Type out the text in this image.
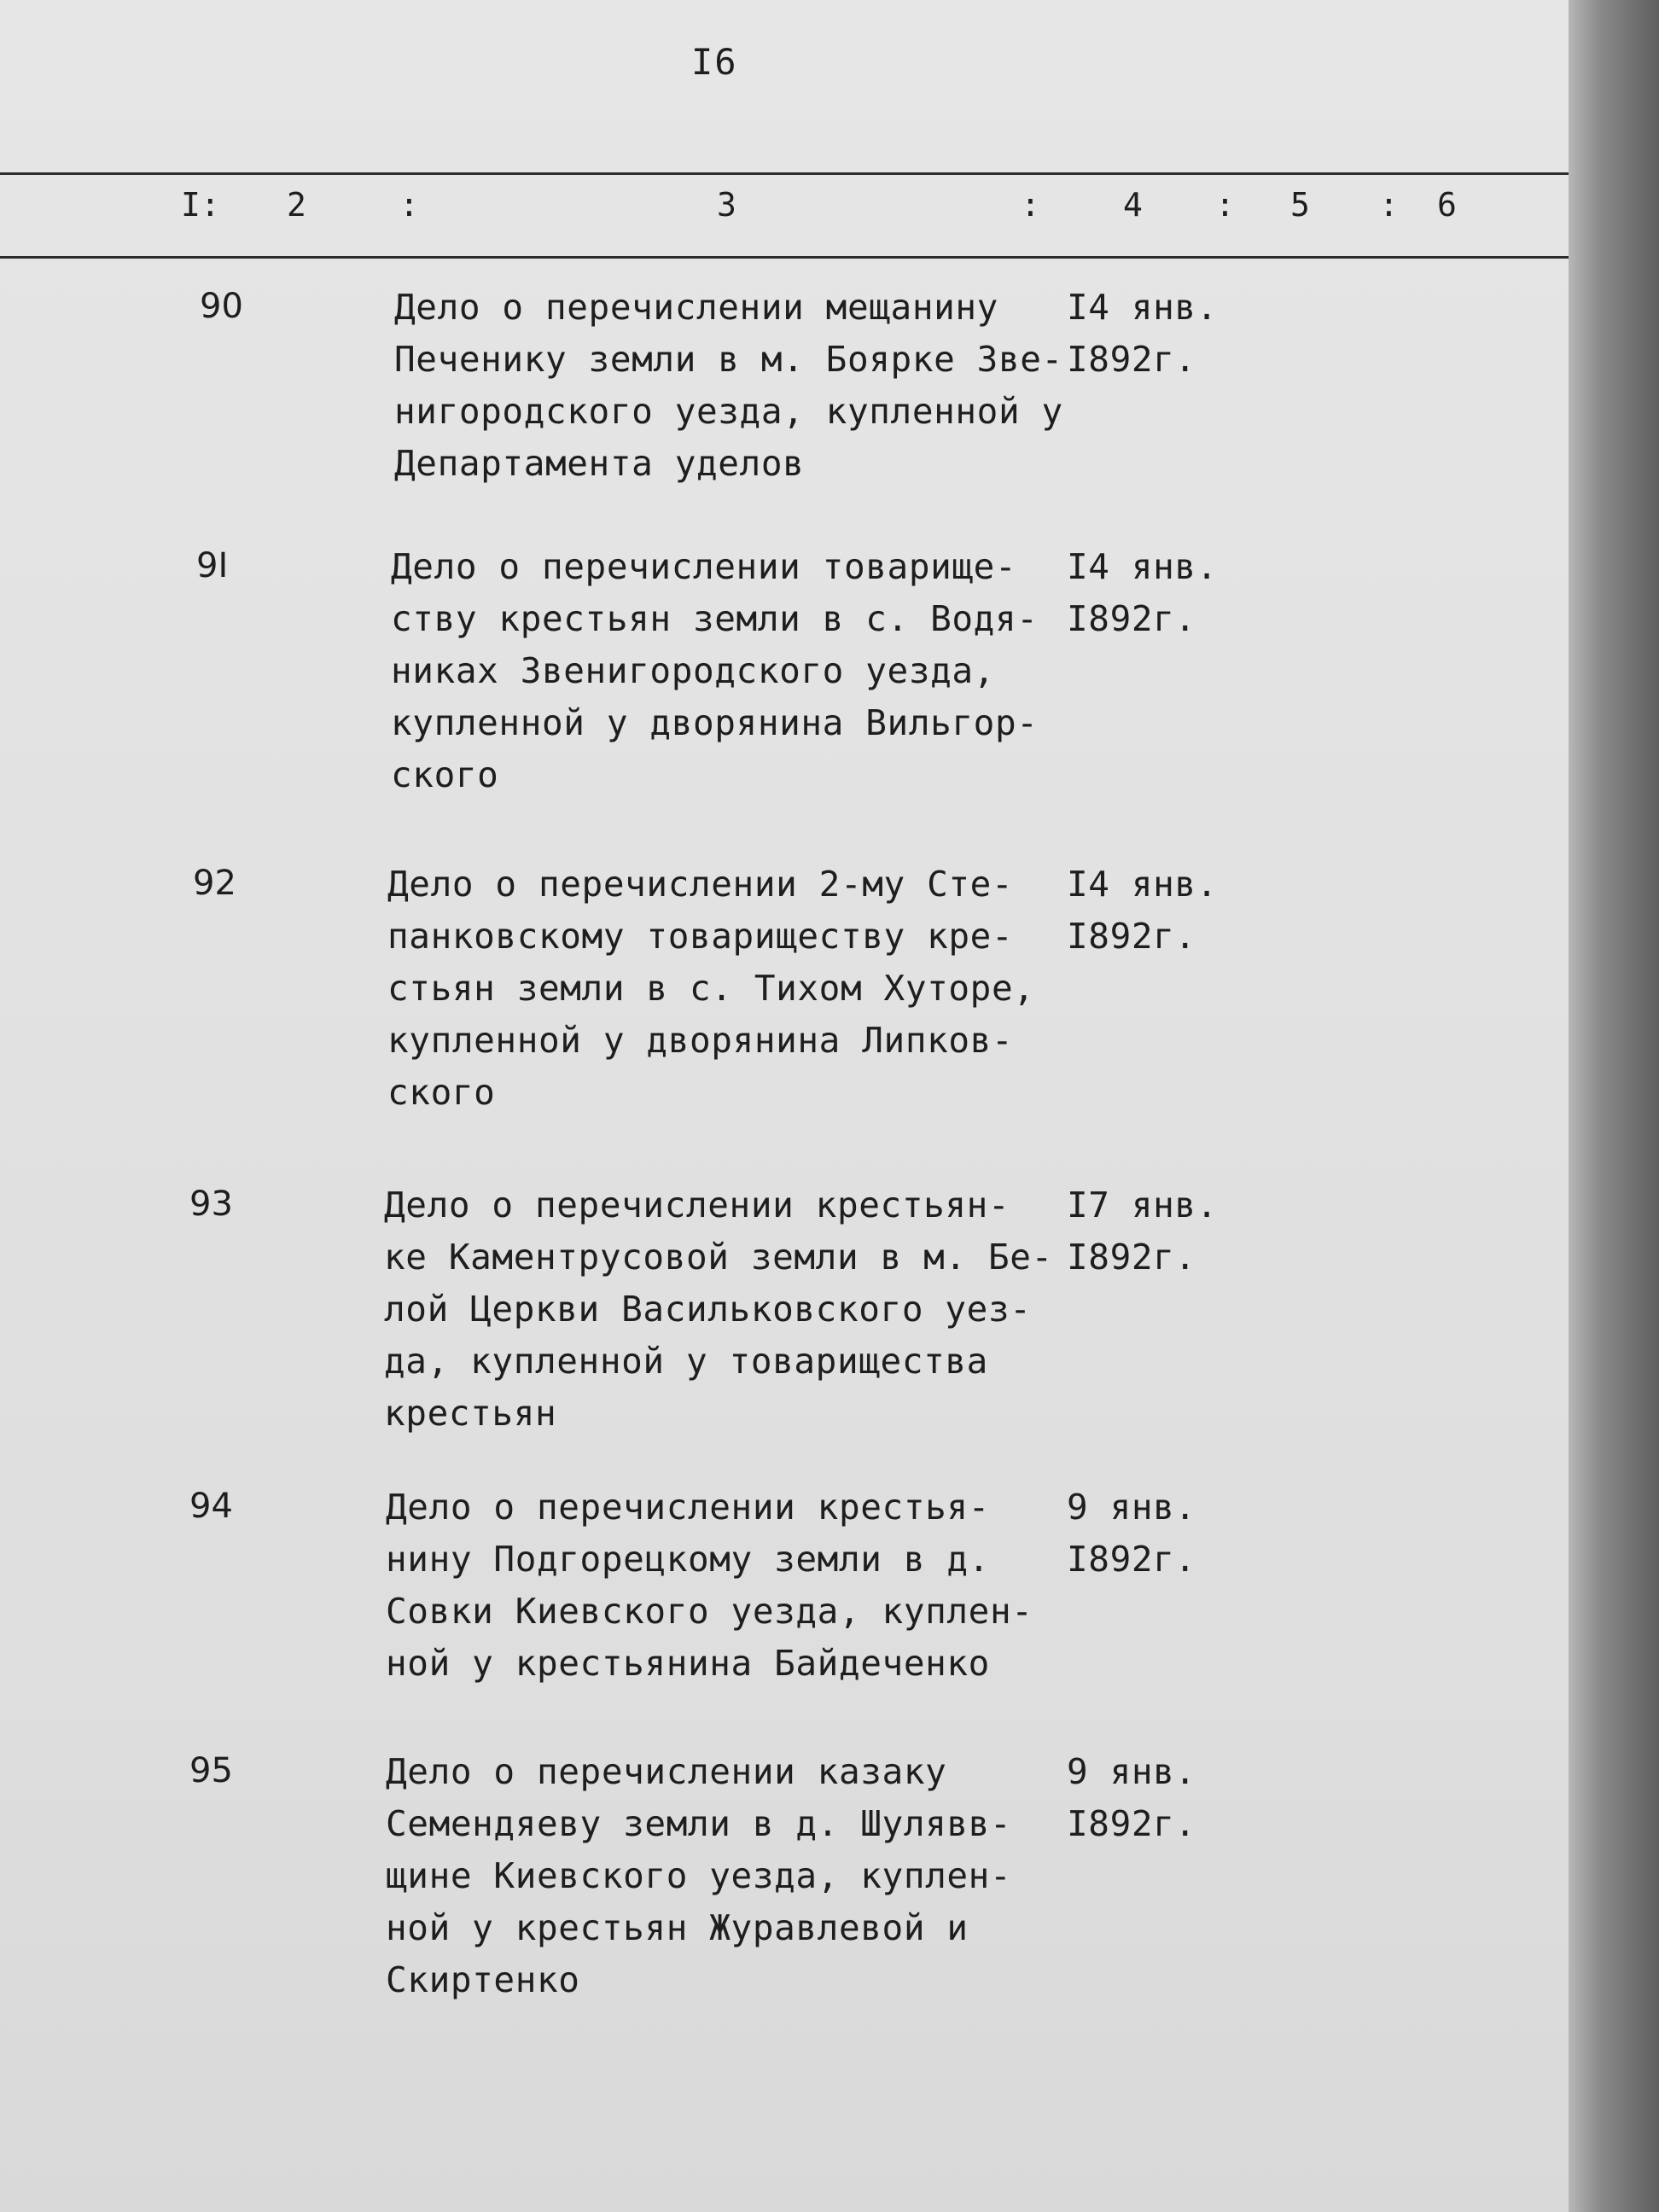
I6
I: 2	:	3	:	4 : 5 : 6
90	Дело о перечислении мещанину
Печенику земли в м. Боярке Зве-
нигородского уезда, купленной у
Департамента уделов
I4 янв.
I892г.
9I	Дело о перечислении товарище-
ству крестьян земли в с. Водя-
никах Звенигородского уезда,
купленной у дворянина Вильгор-
ского
I4 янв.
I892г.
92	Дело о перечислении 2-му Сте-
панковскому товариществу кре-
стьян земли в с. Тихом Хуторе,
купленной у дворянина Липков-
ского
I4 янв.
I892г.
93	Дело о перечислении крестьян-
ке Каментрусовой земли в м. Бе-
лой Церкви Васильковского уез-
да, купленной у товарищества
крестьян
I7 янв.
I892г.
94	Дело о перечислении крестья-
нину Подгорецкому земли в д.
Совки Киевского уезда, куплен-
ной у крестьянина Байдеченко
9 янв.
I892г.
95	Дело о перечислении казаку
Семендяеву земли в д. Шулявв-
щине Киевского уезда, куплен-
ной у крестьян Журавлевой и
Скиртенко
9 янв.
I892г.
